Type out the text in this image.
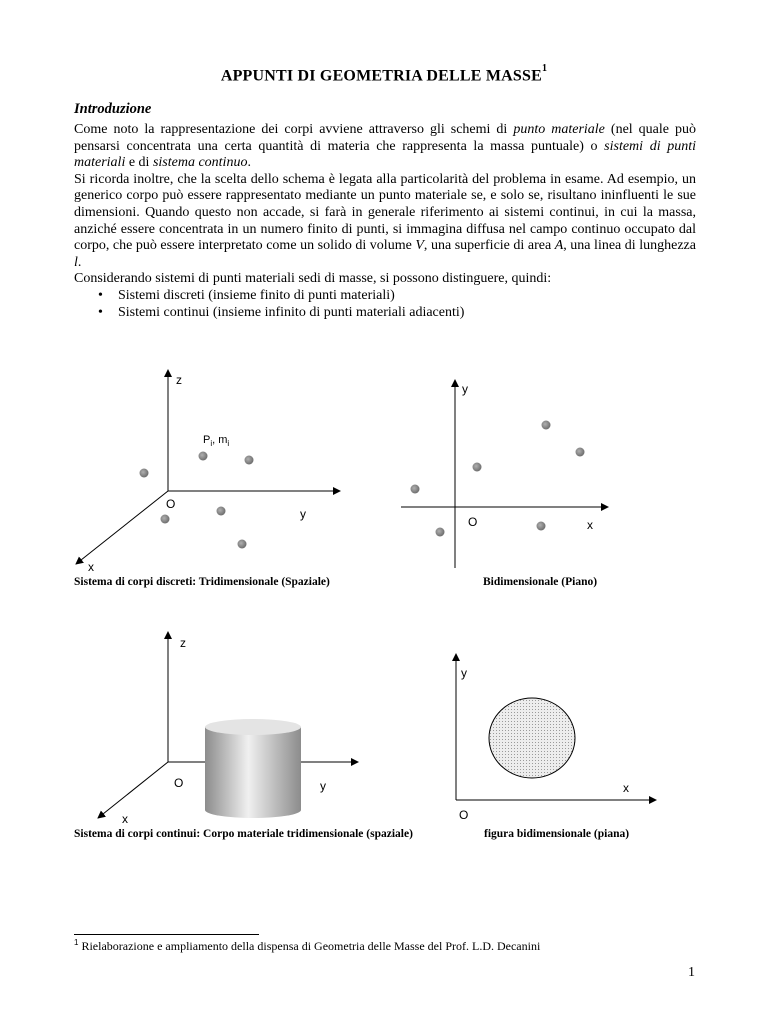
APPUNTI DI GEOMETRIA DELLE MASSE$^1$
Introduzione

Come noto la rappresentazione dei corpi avviene attraverso gli schemi di punto materiale (nel quale può pensarsi concentrata una certa quantità di materia che rappresenta la massa puntuale) o sistemi di punti materiali e di sistema continuo.

Si ricorda inoltre, che la scelta dello schema è legata alla particolarità del problema in esame. Ad esempio, un generico corpo può essere rappresentato mediante un punto materiale se, e solo se, risultano ininfluenti le sue dimensioni. Quando questo non accade, si farà in generale riferimento ai sistemi continui, in cui la massa, anziché essere concentrata in un numero finito di punti, si immagina diffusa nel campo continuo occupato dal corpo, che può essere interpretato come un solido di volume V, una superficie di area A, una linea di lunghezza l.

Considerando sistemi di punti materiali sedi di masse, si possono distinguere, quindi:

• Sistemi discreti (insieme finito di punti materiali)
• Sistemi continui (insieme infinito di punti materiali adiacenti)
z
y
x
O
$P_i$, $m_i$
y
x
O
z
y
x
O
y
x
O
Sistema di corpi discreti: Tridimensionale (Spaziale)	Bidimensionale (Piano)
Sistema di corpi continui: Corpo materiale tridimensionale (spaziale)	figura bidimensionale (piana)
$^1$ Rielaborazione e ampliamento della dispensa di Geometria delle Masse del Prof. L.D. Decanini
1
